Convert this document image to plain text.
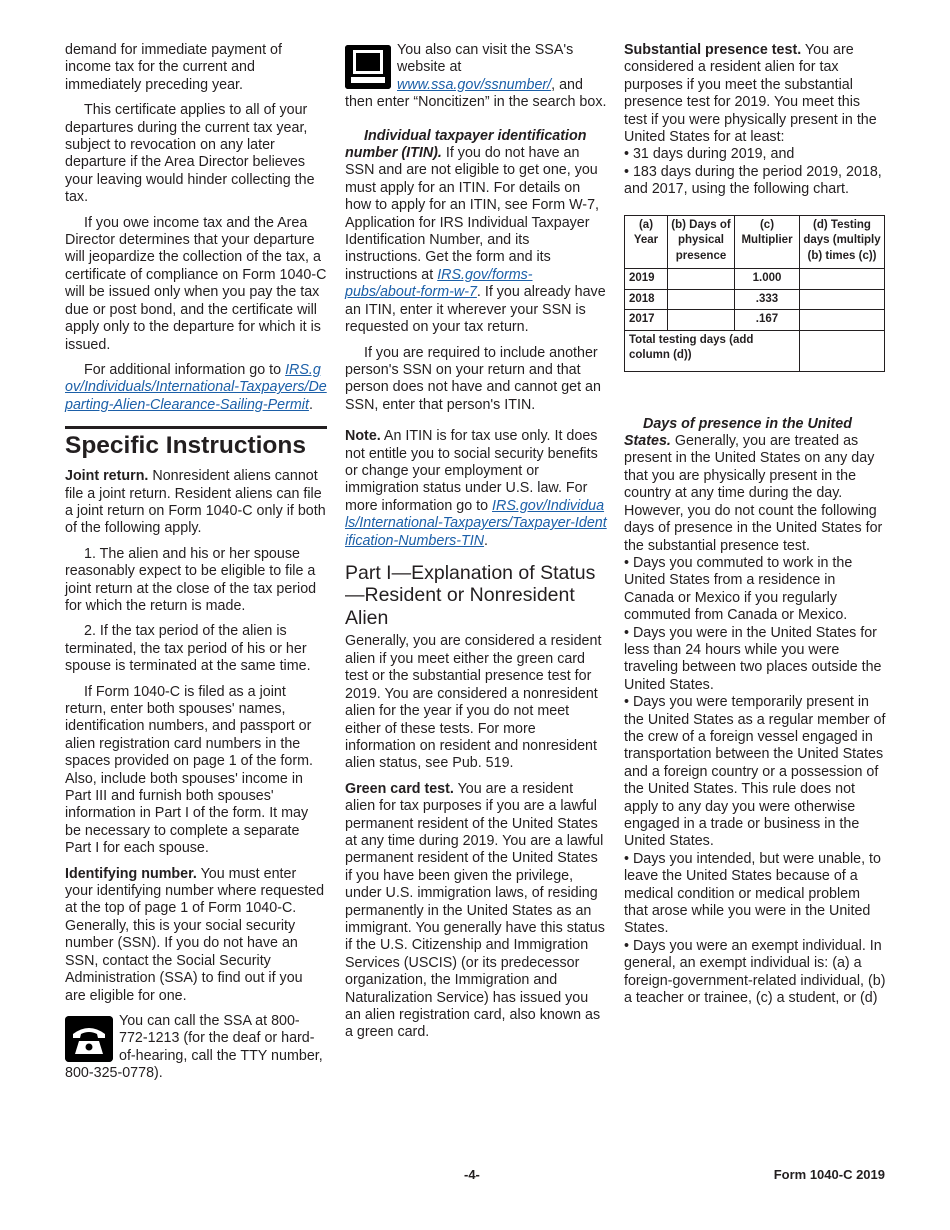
demand for immediate payment of income tax for the current and immediately preceding year.

This certificate applies to all of your departures during the current tax year, subject to revocation on any later departure if the Area Director believes your leaving would hinder collecting the tax.

If you owe income tax and the Area Director determines that your departure will jeopardize the collection of the tax, a certificate of compliance on Form 1040-C will be issued only when you pay the tax due or post bond, and the certificate will apply only to the departure for which it is issued.

For additional information go to IRS.gov/Individuals/International-Taxpayers/Departing-Alien-Clearance-Sailing-Permit.

Specific Instructions

Joint return. Nonresident aliens cannot file a joint return. Resident aliens can file a joint return on Form 1040-C only if both of the following apply.

1. The alien and his or her spouse reasonably expect to be eligible to file a joint return at the close of the tax period for which the return is made.

2. If the tax period of the alien is terminated, the tax period of his or her spouse is terminated at the same time.

If Form 1040-C is filed as a joint return, enter both spouses' names, identification numbers, and passport or alien registration card numbers in the spaces provided on page 1 of the form. Also, include both spouses' income in Part III and furnish both spouses' information in Part I of the form. It may be necessary to complete a separate Part I for each spouse.

Identifying number. You must enter your identifying number where requested at the top of page 1 of Form 1040-C. Generally, this is your social security number (SSN). If you do not have an SSN, contact the Social Security Administration (SSA) to find out if you are eligible for one.

You can call the SSA at 800-772-1213 (for the deaf or hard-of-hearing, call the TTY number, 800-325-0778).

You also can visit the SSA's website at www.ssa.gov/ssnumber/, and then enter “Noncitizen” in the search box.

Individual taxpayer identification number (ITIN). If you do not have an SSN and are not eligible to get one, you must apply for an ITIN. For details on how to apply for an ITIN, see Form W-7, Application for IRS Individual Taxpayer Identification Number, and its instructions. Get the form and its instructions at IRS.gov/forms-pubs/about-form-w-7. If you already have an ITIN, enter it wherever your SSN is requested on your tax return.

If you are required to include another person's SSN on your return and that person does not have and cannot get an SSN, enter that person's ITIN.

Note. An ITIN is for tax use only. It does not entitle you to social security benefits or change your employment or immigration status under U.S. law. For more information go to IRS.gov/Individuals/International-Taxpayers/Taxpayer-Identification-Numbers-TIN.

Part I—Explanation of Status—Resident or Nonresident Alien

Generally, you are considered a resident alien if you meet either the green card test or the substantial presence test for 2019. You are considered a nonresident alien for the year if you do not meet either of these tests. For more information on resident and nonresident alien status, see Pub. 519.

Green card test. You are a resident alien for tax purposes if you are a lawful permanent resident of the United States at any time during 2019. You are a lawful permanent resident of the United States if you have been given the privilege, under U.S. immigration laws, of residing permanently in the United States as an immigrant. You generally have this status if the U.S. Citizenship and Immigration Services (USCIS) (or its predecessor organization, the Immigration and Naturalization Service) has issued you an alien registration card, also known as a green card.

Substantial presence test. You are considered a resident alien for tax purposes if you meet the substantial presence test for 2019. You meet this test if you were physically present in the United States for at least:

• 31 days during 2019, and
• 183 days during the period 2019, 2018, and 2017, using the following chart.
(a) Year	(b) Days of physical presence	(c) Multiplier	(d) Testing days (multiply (b) times (c))
2019		1.000	
2018		.333	
2017		.167	
Total testing days (add column (d))			

Days of presence in the United States. Generally, you are treated as present in the United States on any day that you are physically present in the country at any time during the day. However, you do not count the following days of presence in the United States for the substantial presence test.

• Days you commuted to work in the United States from a residence in Canada or Mexico if you regularly commuted from Canada or Mexico.
• Days you were in the United States for less than 24 hours while you were traveling between two places outside the United States.
• Days you were temporarily present in the United States as a regular member of the crew of a foreign vessel engaged in transportation between the United States and a foreign country or a possession of the United States. This rule does not apply to any day you were otherwise engaged in a trade or business in the United States.
• Days you intended, but were unable, to leave the United States because of a medical condition or medical problem that arose while you were in the United States.
• Days you were an exempt individual. In general, an exempt individual is: (a) a foreign-government-related individual, (b) a teacher or trainee, (c) a student, or (d)
-4-	Form 1040-C 2019
